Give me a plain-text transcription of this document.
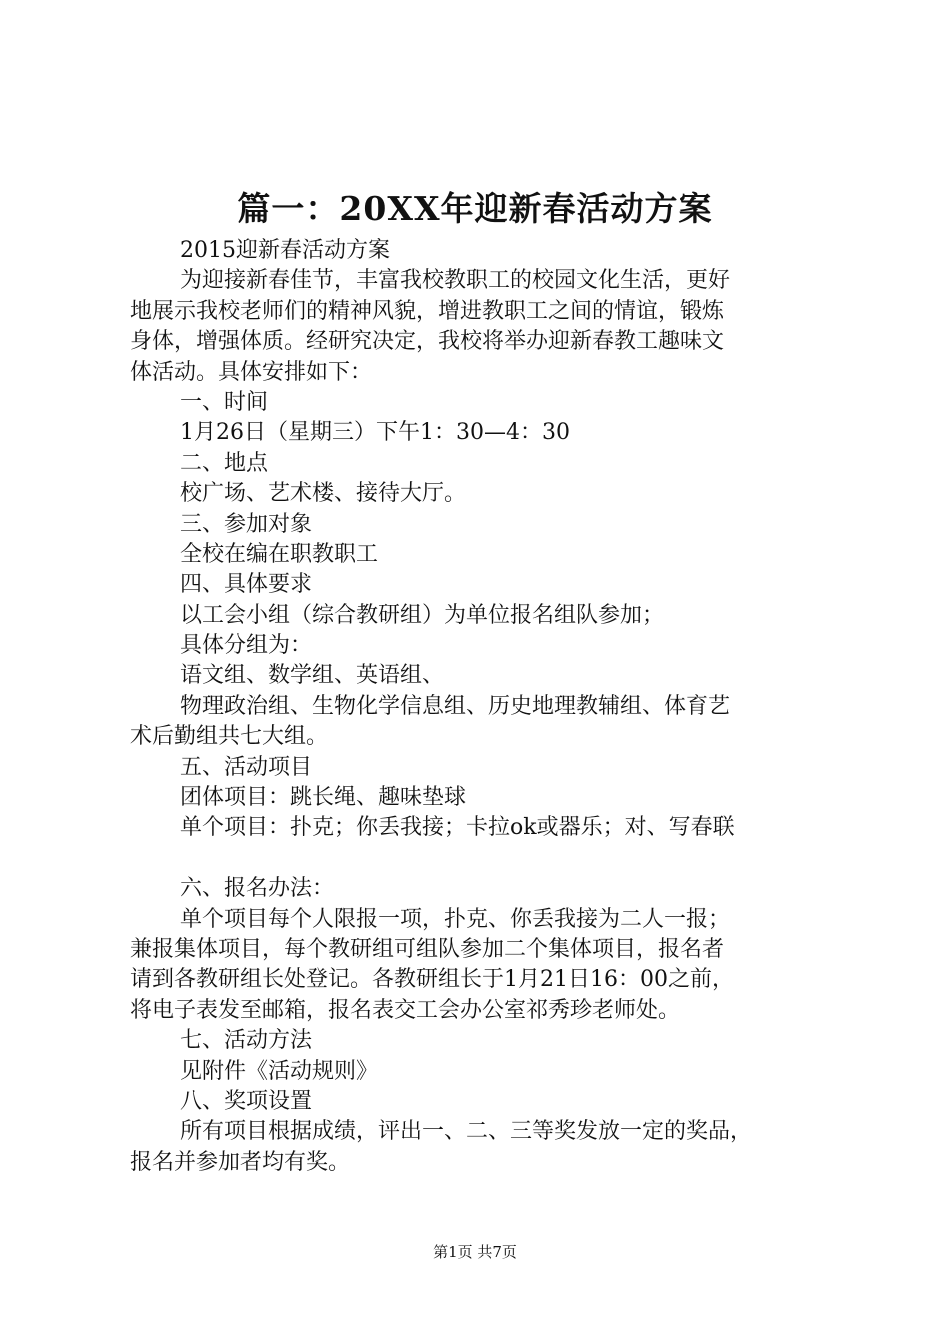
篇一：20XX年迎新春活动方案
2015迎新春活动方案
为迎接新春佳节，丰富我校教职工的校园文化生活，更好
地展示我校老师们的精神风貌，增进教职工之间的情谊，锻炼
身体，增强体质。经研究决定，我校将举办迎新春教工趣味文
体活动。具体安排如下：
一、时间
1月26日（星期三）下午1：30—4：30
二、地点
校广场、艺术楼、接待大厅。
三、参加对象
全校在编在职教职工
四、具体要求
以工会小组（综合教研组）为单位报名组队参加；
具体分组为：
语文组、数学组、英语组、
物理政治组、生物化学信息组、历史地理教辅组、体育艺
术后勤组共七大组。
五、活动项目
团体项目：跳长绳、趣味垫球
单个项目：扑克；你丢我接；卡拉ok或器乐；对、写春联
六、报名办法：
单个项目每个人限报一项，扑克、你丢我接为二人一报；
兼报集体项目，每个教研组可组队参加二个集体项目，报名者
请到各教研组长处登记。各教研组长于1月21日16：00之前，
将电子表发至邮箱，报名表交工会办公室祁秀珍老师处。
七、活动方法
见附件《活动规则》
八、奖项设置
所有项目根据成绩，评出一、二、三等奖发放一定的奖品，
报名并参加者均有奖。
第1页 共7页
